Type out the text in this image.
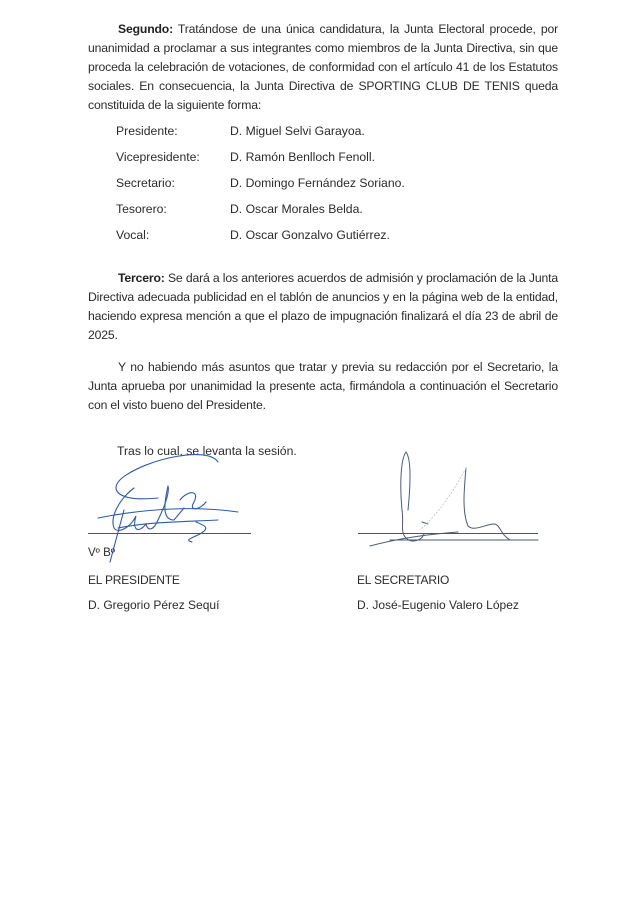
Segundo: Tratándose de una única candidatura, la Junta Electoral procede, por unanimidad a proclamar a sus integrantes como miembros de la Junta Directiva, sin que proceda la celebración de votaciones, de conformidad con el artículo 41 de los Estatutos sociales. En consecuencia, la Junta Directiva de SPORTING CLUB DE TENIS queda constituida de la siguiente forma:
Presidente:	D. Miguel Selvi Garayoa.
Vicepresidente:	D. Ramón Benlloch Fenoll.
Secretario:	D. Domingo Fernández Soriano.
Tesorero:	D. Oscar Morales Belda.
Vocal:	D. Oscar Gonzalvo Gutiérrez.
Tercero: Se dará a los anteriores acuerdos de admisión y proclamación de la Junta Directiva adecuada publicidad en el tablón de anuncios y en la página web de la entidad, haciendo expresa mención a que el plazo de impugnación finalizará el día 23 de abril de 2025.
Y no habiendo más asuntos que tratar y previa su redacción por el Secretario, la Junta aprueba por unanimidad la presente acta, firmándola a continuación el Secretario con el visto bueno del Presidente.
Tras lo cual, se levanta la sesión.
Vº Bº
EL PRESIDENTE
D. Gregorio Pérez Sequí
EL SECRETARIO
D. José-Eugenio Valero López
